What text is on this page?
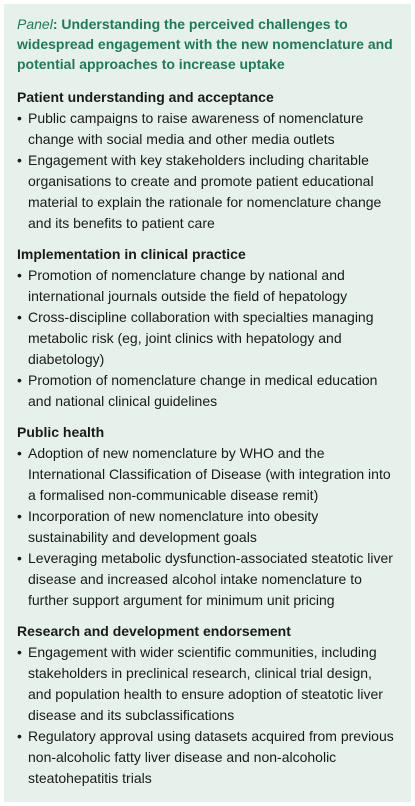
Panel: Understanding the perceived challenges to widespread engagement with the new nomenclature and potential approaches to increase uptake
Patient understanding and acceptance
• Public campaigns to raise awareness of nomenclature change with social media and other media outlets
• Engagement with key stakeholders including charitable organisations to create and promote patient educational material to explain the rationale for nomenclature change and its benefits to patient care
Implementation in clinical practice
• Promotion of nomenclature change by national and international journals outside the field of hepatology
• Cross-discipline collaboration with specialties managing metabolic risk (eg, joint clinics with hepatology and diabetology)
• Promotion of nomenclature change in medical education and national clinical guidelines
Public health
• Adoption of new nomenclature by WHO and the International Classification of Disease (with integration into a formalised non-communicable disease remit)
• Incorporation of new nomenclature into obesity sustainability and development goals
• Leveraging metabolic dysfunction-associated steatotic liver disease and increased alcohol intake nomenclature to further support argument for minimum unit pricing
Research and development endorsement
• Engagement with wider scientific communities, including stakeholders in preclinical research, clinical trial design, and population health to ensure adoption of steatotic liver disease and its subclassifications
• Regulatory approval using datasets acquired from previous non-alcoholic fatty liver disease and non-alcoholic steatohepatitis trials
